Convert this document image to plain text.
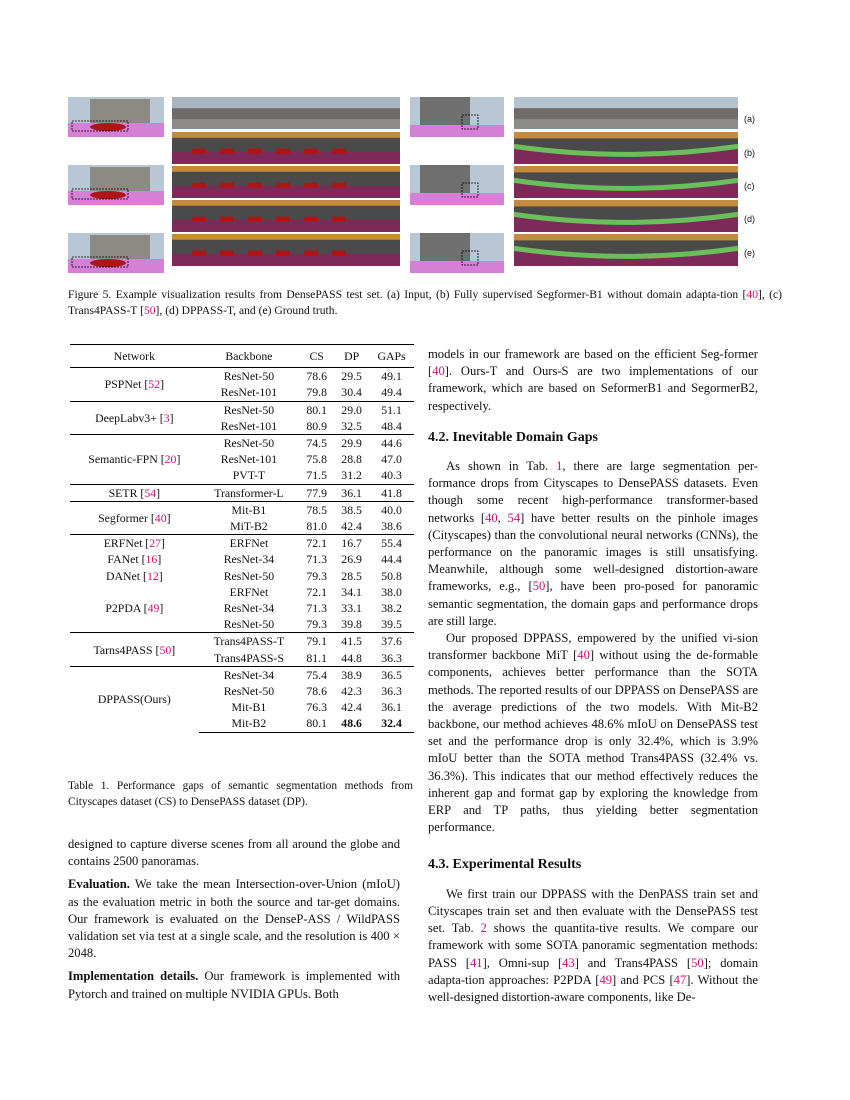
(a)
(b)
(c)
(d)
(e)
Figure 5. Example visualization results from DensePASS test set. (a) Input, (b) Fully supervised Segformer-B1 without domain adapta-tion [40], (c) Trans4PASS-T [50], (d) DPPASS-T, and (e) Ground truth.
Network	Backbone	CS	DP	GAPs
PSPNet [52]	ResNet-50	78.6	29.5	49.1
	ResNet-101	79.8	30.4	49.4
DeepLabv3+ [3]	ResNet-50	80.1	29.0	51.1
	ResNet-101	80.9	32.5	48.4
Semantic-FPN [20]	ResNet-50	74.5	29.9	44.6
	ResNet-101	75.8	28.8	47.0
	PVT-T	71.5	31.2	40.3
SETR [54]	Transformer-L	77.9	36.1	41.8
Segformer [40]	Mit-B1	78.5	38.5	40.0
	MiT-B2	81.0	42.4	38.6
ERFNet [27]	ERFNet	72.1	16.7	55.4
FANet [16]	ResNet-34	71.3	26.9	44.4
DANet [12]	ResNet-50	79.3	28.5	50.8
	ERFNet	72.1	34.1	38.0
P2PDA [49]	ResNet-34	71.3	33.1	38.2
	ResNet-50	79.3	39.8	39.5
Tarns4PASS [50]	Trans4PASS-T	79.1	41.5	37.6
	Trans4PASS-S	81.1	44.8	36.3
DPPASS(Ours)	ResNet-34	75.4	38.9	36.5
	ResNet-50	78.6	42.3	36.3
	Mit-B1	76.3	42.4	36.1
	Mit-B2	80.1	48.6	32.4
Table 1. Performance gaps of semantic segmentation methods from Cityscapes dataset (CS) to DensePASS dataset (DP).

designed to capture diverse scenes from all around the globe and contains 2500 panoramas.

Evaluation. We take the mean Intersection-over-Union (mIoU) as the evaluation metric in both the source and tar-get domains. Our framework is evaluated on the DenseP-ASS / WildPASS validation set via test at a single scale, and the resolution is 400 × 2048.

Implementation details. Our framework is implemented with Pytorch and trained on multiple NVIDIA GPUs. Both

models in our framework are based on the efficient Seg-former [40]. Ours-T and Ours-S are two implementations of our framework, which are based on SeformerB1 and SegormerB2, respectively.

4.2. Inevitable Domain Gaps

As shown in Tab. 1, there are large segmentation per-formance drops from Cityscapes to DensePASS datasets. Even though some recent high-performance transformer-based networks [40, 54] have better results on the pinhole images (Cityscapes) than the convolutional neural networks (CNNs), the performance on the panoramic images is still unsatisfying. Meanwhile, although some well-designed distortion-aware frameworks, e.g., [50], have been pro-posed for panoramic semantic segmentation, the domain gaps and performance drops are still large.

Our proposed DPPASS, empowered by the unified vi-sion transformer backbone MiT [40] without using the de-formable components, achieves better performance than the SOTA methods. The reported results of our DPPASS on DensePASS are the average predictions of the two models. With Mit-B2 backbone, our method achieves 48.6% mIoU on DensePASS test set and the performance drop is only 32.4%, which is 3.9% mIoU better than the SOTA method Trans4PASS (32.4% vs. 36.3%). This indicates that our method effectively reduces the inherent gap and format gap by exploring the knowledge from ERP and TP paths, thus yielding better segmentation performance.

4.3. Experimental Results

We first train our DPPASS with the DenPASS train set and Cityscapes train set and then evaluate with the DensePASS test set. Tab. 2 shows the quantita-tive results. We compare our framework with some SOTA panoramic segmentation methods: PASS [41], Omni-sup [43] and Trans4PASS [50]; domain adapta-tion approaches: P2PDA [49] and PCS [47]. Without the well-designed distortion-aware components, like De-
